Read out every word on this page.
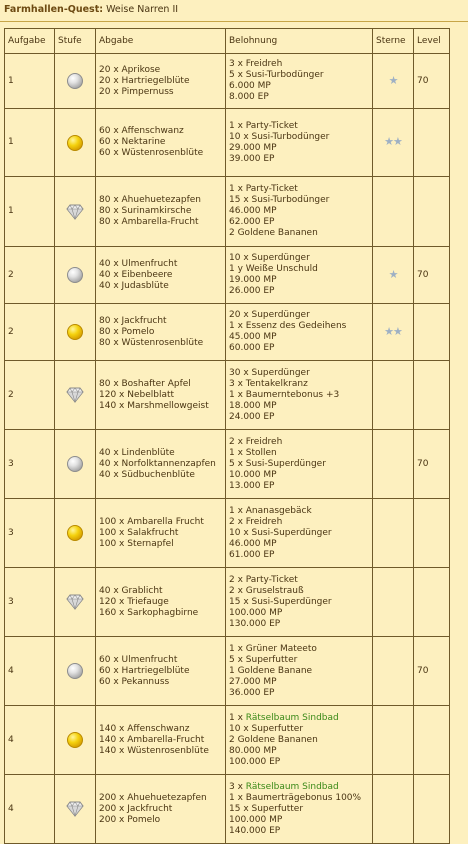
Farmhallen-Quest: Weise Narren II
Aufgabe	Stufe	Abgabe	Belohnung	Sterne	Level
1		20 x Aprikose
20 x Hartriegelblüte
20 x Pimpernuss	3 x Freidreh
5 x Susi-Turbodünger
6.000 MP
8.000 EP	★	70
1		60 x Affenschwanz
60 x Nektarine
60 x Wüstenrosenblüte	1 x Party-Ticket
10 x Susi-Turbodünger
29.000 MP
39.000 EP	★★	
1		80 x Ahuehuetezapfen
80 x Surinamkirsche
80 x Ambarella-Frucht	1 x Party-Ticket
15 x Susi-Turbodünger
46.000 MP
62.000 EP
2 Goldene Bananen		

2		40 x Ulmenfrucht
40 x Eibenbeere
40 x Judasblüte	10 x Superdünger
1 y Weiße Unschuld
19.000 MP
26.000 EP	★	70
2		80 x Jackfrucht
80 x Pomelo
80 x Wüstenrosenblüte	20 x Superdünger
1 x Essenz des Gedeihens
45.000 MP
60.000 EP	★★	
2		80 x Boshafter Apfel
120 x Nebelblatt
140 x Marshmellowgeist	30 x Superdünger
3 x Tentakelkranz
1 x Baumerntebonus +3
18.000 MP
24.000 EP		

3		40 x Lindenblüte
40 x Norfolktannenzapfen
40 x Südbuchenblüte	2 x Freidreh
1 x Stollen
5 x Susi-Superdünger
10.000 MP
13.000 EP		70
3		100 x Ambarella Frucht
100 x Salakfrucht
100 x Sternapfel	1 x Ananasgebäck
2 x Freidreh
10 x Susi-Superdünger
46.000 MP
61.000 EP		

3		40 x Grablicht
120 x Triefauge
160 x Sarkophagbirne	2 x Party-Ticket
2 x Gruselstrauß
15 x Susi-Superdünger
100.000 MP
130.000 EP		

4		60 x Ulmenfrucht
60 x Hartriegelblüte
60 x Pekannuss	1 x Grüner Mateeto
5 x Superfutter
1 Goldene Banane
27.000 MP
36.000 EP		70
4		140 x Affenschwanz
140 x Ambarella-Frucht
140 x Wüstenrosenblüte	1 x Rätselbaum Sindbad
10 x Superfutter
2 Goldene Bananen
80.000 MP
100.000 EP		

4		200 x Ahuehuetezapfen
200 x Jackfrucht
200 x Pomelo	3 x Rätselbaum Sindbad
1 x Baumerträgebonus 100%
15 x Superfutter
100.000 MP
140.000 EP		
